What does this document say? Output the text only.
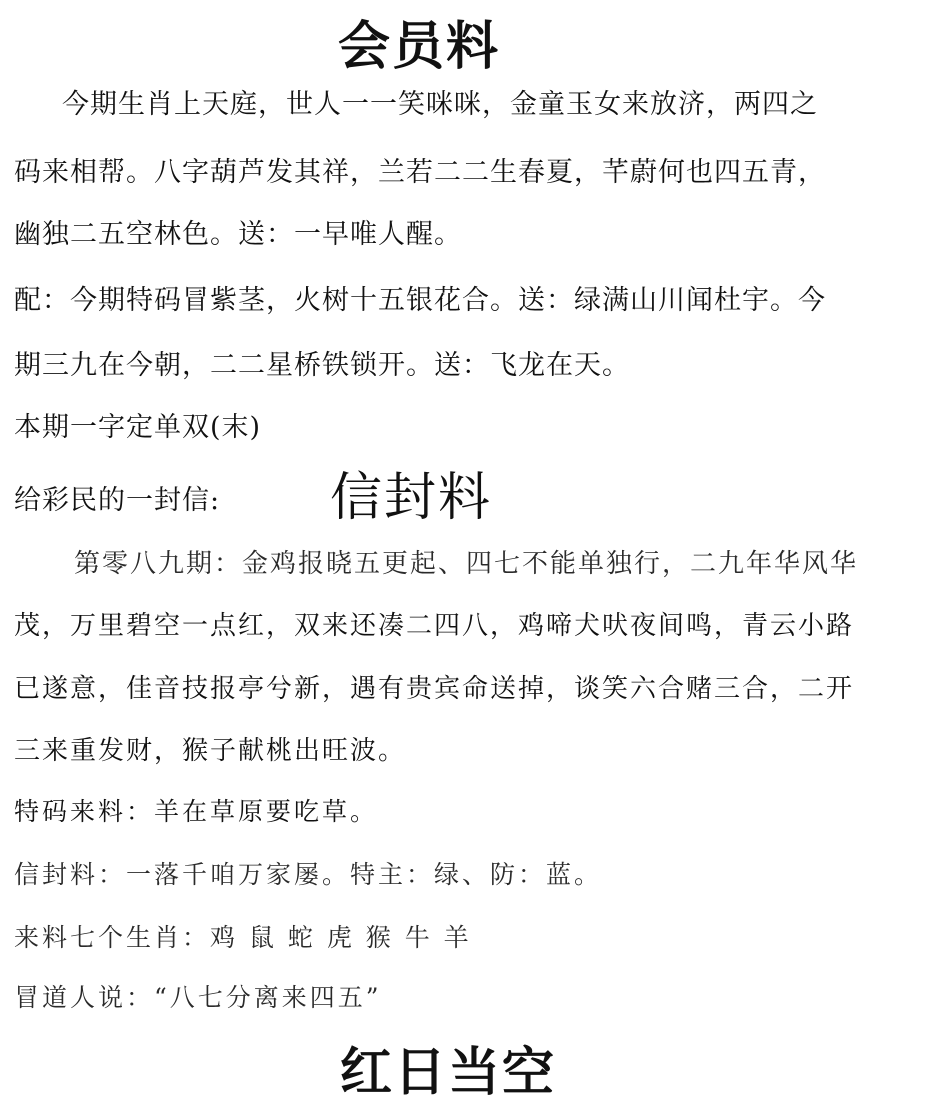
会员料
今期生肖上天庭，世人一一笑咪咪，金童玉女来放济，两四之
码来相帮。八字葫芦发其祥，兰若二二生春夏，芊蔚何也四五青，
幽独二五空林色。送：一早唯人醒。
配：今期特码冒紫茎，火树十五银花合。送：绿满山川闻杜宇。今
期三九在今朝，二二星桥铁锁开。送：飞龙在天。
本期一字定单双(末)
给彩民的一封信: 信封料
第零八九期：金鸡报晓五更起、四七不能单独行，二九年华风华
茂，万里碧空一点红，双来还凑二四八，鸡啼犬吠夜间鸣，青云小路
已遂意，佳音技报亭兮新，遇有贵宾命送掉，谈笑六合赌三合，二开
三来重发财，猴子献桃出旺波。
特码来料：羊在草原要吃草。
信封料：一落千咱万家屡。特主：绿、防：蓝。
来料七个生肖：鸡 鼠 蛇 虎 猴 牛 羊
冒道人说：“八七分离来四五”
红日当空
